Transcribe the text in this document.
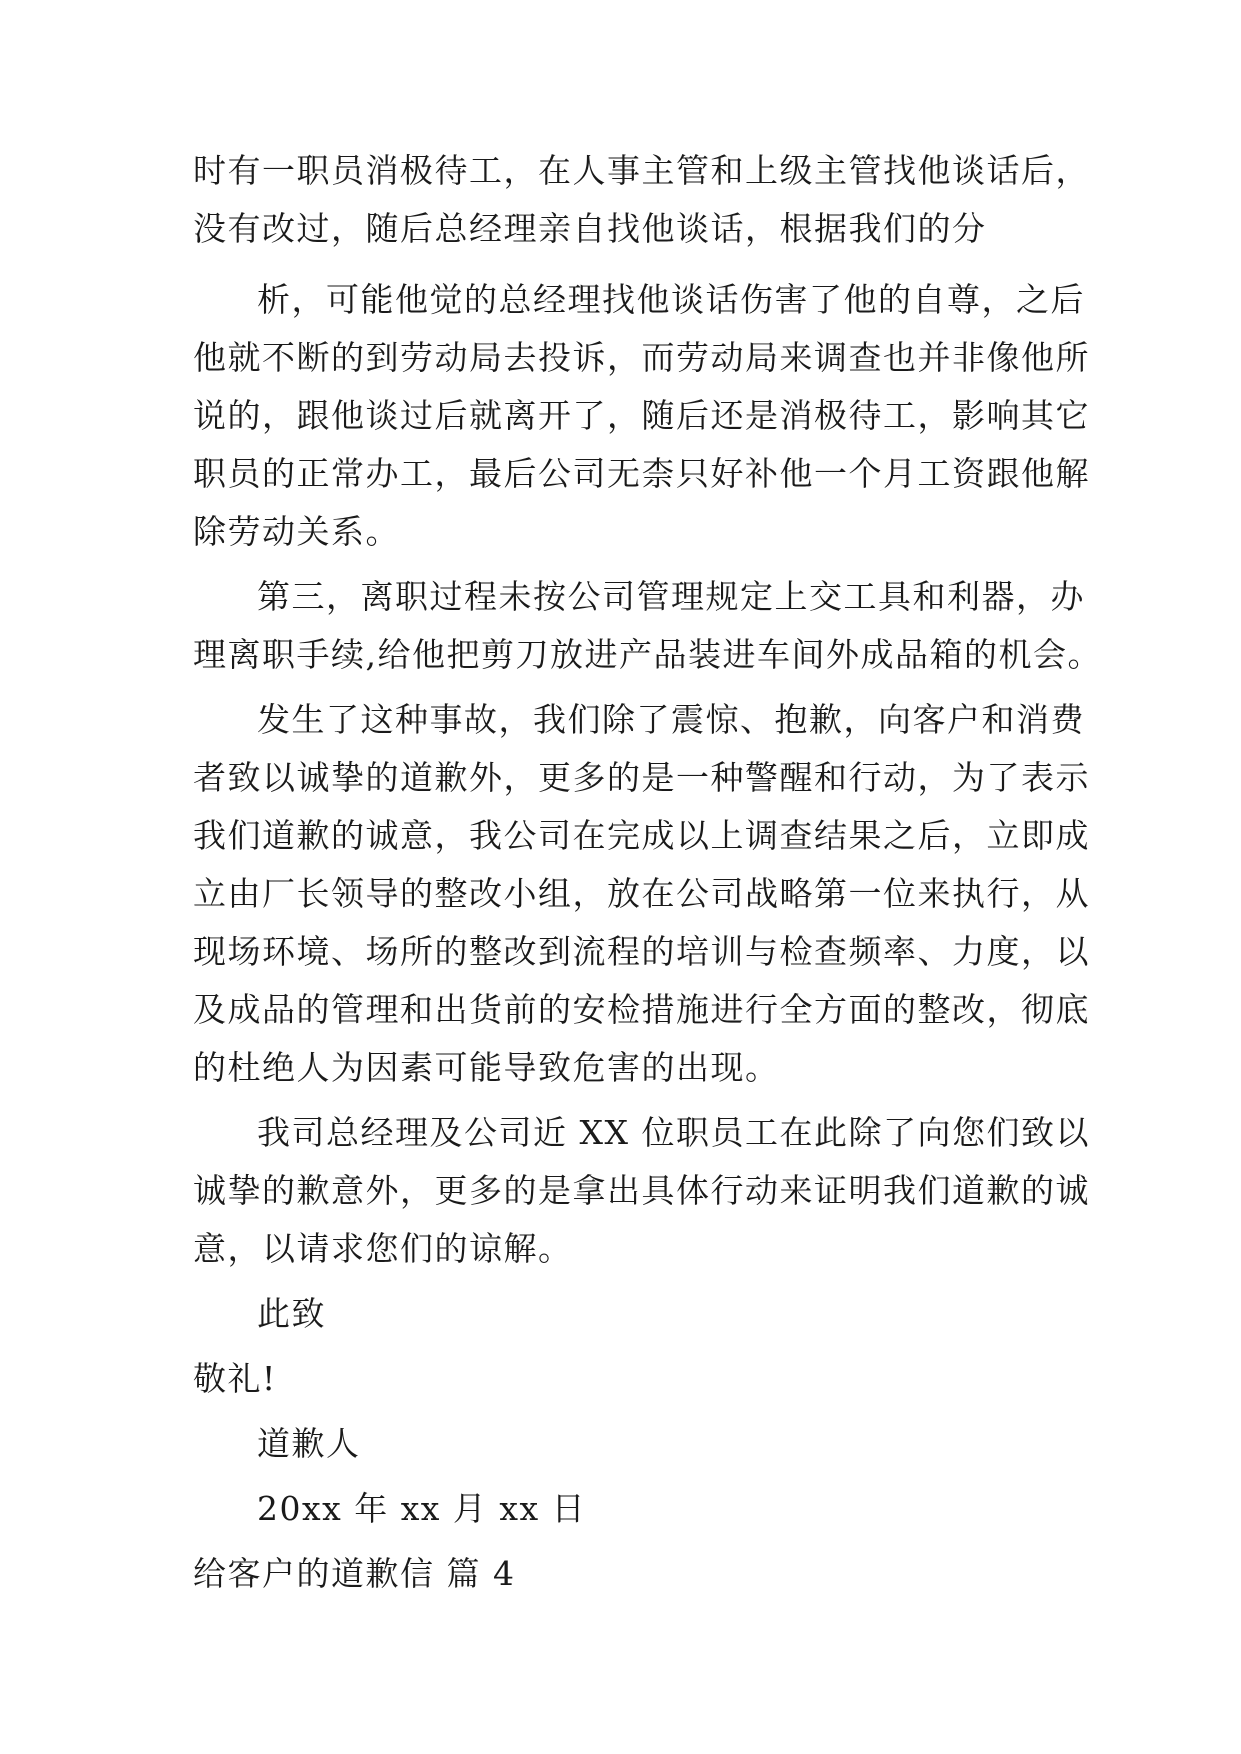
时有一职员消极待工，在人事主管和上级主管找他谈话后，
没有改过，随后总经理亲自找他谈话，根据我们的分
析，可能他觉的总经理找他谈话伤害了他的自尊，之后
他就不断的到劳动局去投诉，而劳动局来调查也并非像他所
说的，跟他谈过后就离开了，随后还是消极待工，影响其它
职员的正常办工，最后公司无柰只好补他一个月工资跟他解
除劳动关系。
第三，离职过程未按公司管理规定上交工具和利器，办
理离职手续,给他把剪刀放进产品装进车间外成品箱的机会。
发生了这种事故，我们除了震惊、抱歉，向客户和消费
者致以诚挚的道歉外，更多的是一种警醒和行动，为了表示
我们道歉的诚意，我公司在完成以上调查结果之后，立即成
立由厂长领导的整改小组，放在公司战略第一位来执行，从
现场环境、场所的整改到流程的培训与检查频率、力度，以
及成品的管理和出货前的安检措施进行全方面的整改，彻底
的杜绝人为因素可能导致危害的出现。
我司总经理及公司近 XX 位职员工在此除了向您们致以
诚挚的歉意外，更多的是拿出具体行动来证明我们道歉的诚
意，以请求您们的谅解。
此致
敬礼!
道歉人
20xx 年 xx 月 xx 日
给客户的道歉信 篇 4
